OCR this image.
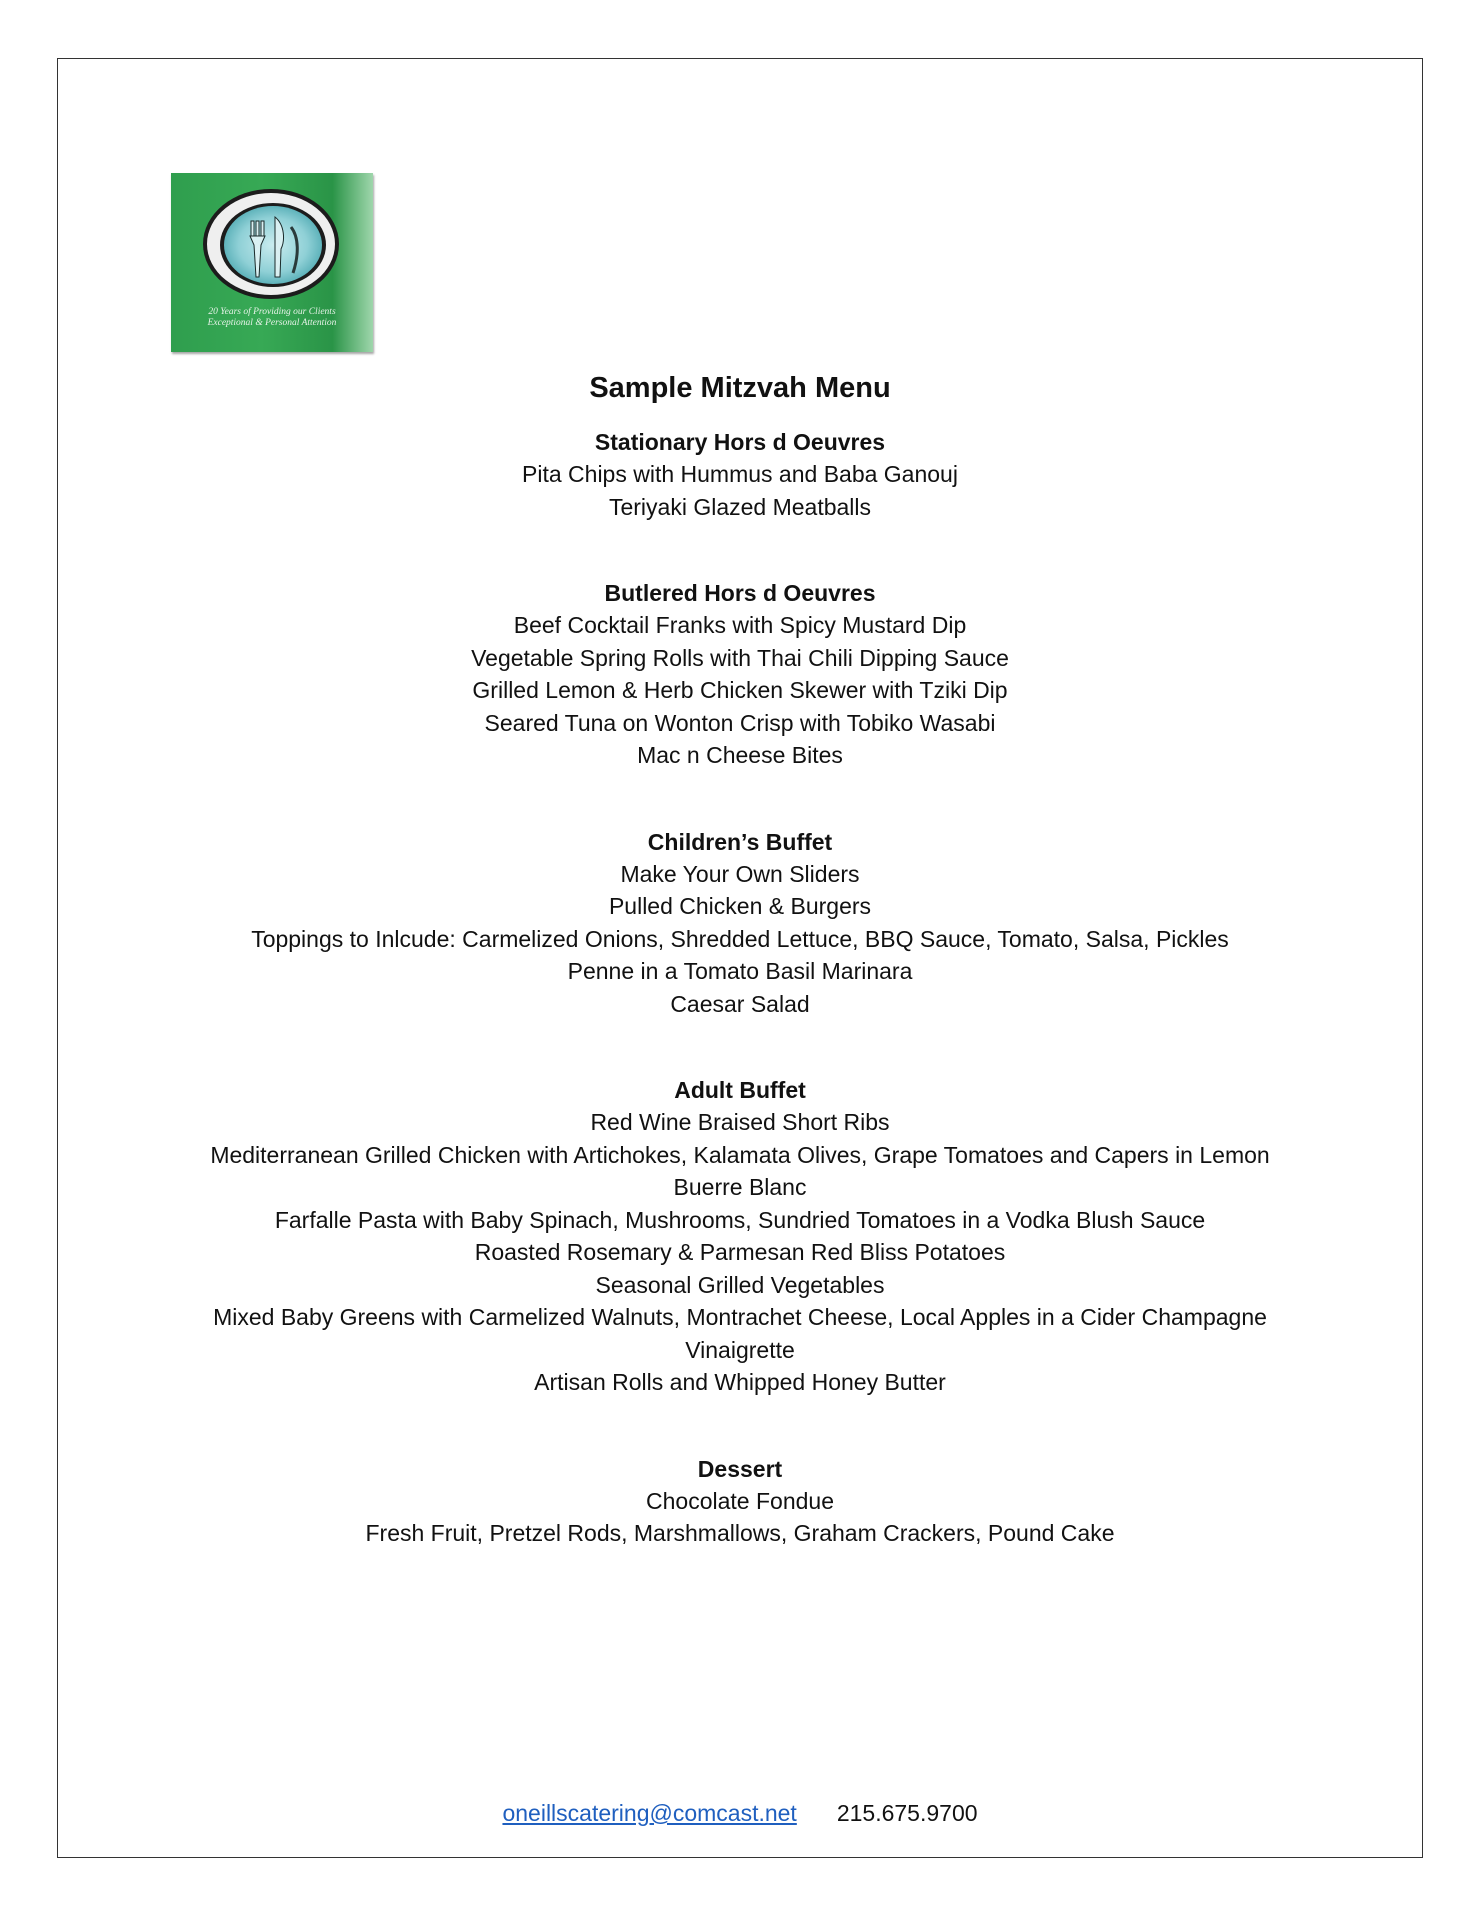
20 Years of Providing our Clients
Exceptional & Personal Attention
Sample Mitzvah Menu
Stationary Hors d Oeuvres
Pita Chips with Hummus and Baba Ganouj
Teriyaki Glazed Meatballs
Butlered Hors d Oeuvres
Beef Cocktail Franks with Spicy Mustard Dip
Vegetable Spring Rolls with Thai Chili Dipping Sauce
Grilled Lemon & Herb Chicken Skewer with Tziki Dip
Seared Tuna on Wonton Crisp with Tobiko Wasabi
Mac n Cheese Bites
Children’s Buffet
Make Your Own Sliders
Pulled Chicken & Burgers
Toppings to Inlcude: Carmelized Onions, Shredded Lettuce, BBQ Sauce, Tomato, Salsa, Pickles
Penne in a Tomato Basil Marinara
Caesar Salad
Adult Buffet
Red Wine Braised Short Ribs
Mediterranean Grilled Chicken with Artichokes, Kalamata Olives, Grape Tomatoes and Capers in Lemon Buerre Blanc
Farfalle Pasta with Baby Spinach, Mushrooms, Sundried Tomatoes in a Vodka Blush Sauce
Roasted Rosemary & Parmesan Red Bliss Potatoes
Seasonal Grilled Vegetables
Mixed Baby Greens with Carmelized Walnuts, Montrachet Cheese, Local Apples in a Cider Champagne Vinaigrette
Artisan Rolls and Whipped Honey Butter
Dessert
Chocolate Fondue
Fresh Fruit, Pretzel Rods, Marshmallows, Graham Crackers, Pound Cake
oneillscatering@comcast.net 215.675.9700
